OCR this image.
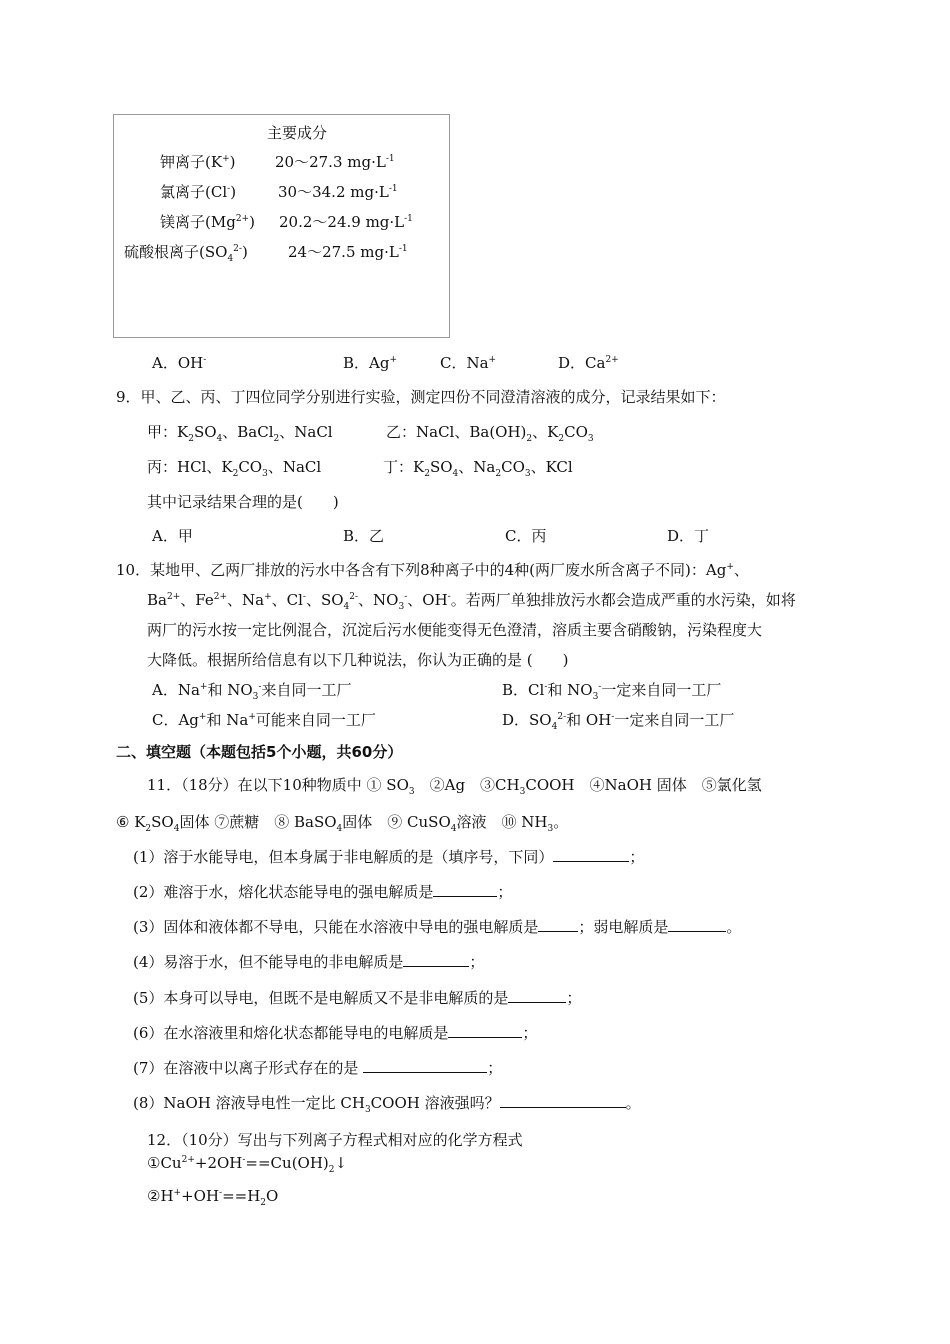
主要成分
钾离子(K+)	20～27.3 $mg\cdot L^{-1}$
氯离子(Cl-)	30～34.2 $mg\cdot L^{-1}$
镁离子$(Mg^{2+})$ 20.2～24.9 $mg\cdot L^{-1}$
硫酸根离子$(SO_4^{2-})$	24～27.5 $mg\cdot L^{-1}$
A．OH-	B．Ag+	C．Na+	D．$Ca^{2+}$
9．甲、乙、丙、丁四位同学分别进行实验，测定四份不同澄清溶液的成分，记录结果如下：
甲：$K_2SO_4$、BaCl$_2$、NaCl	乙：NaCl、$Ba(OH)_2$、$K_2CO_3$
丙：HCl、$K_2CO_3$、NaCl	丁：$K_2SO_4$、$Na_2CO_3$、KCl
其中记录结果合理的是(　　)
A．甲	B．乙	C．丙	D．丁
10．某地甲、乙两厂排放的污水中各含有下列8种离子中的4种(两厂废水所含离子不同)：Ag+、
$Ba^{2+}$、$Fe^{2+}$、Na+、Cl-、$SO_4^{2-}$、$NO_3^-$、OH-。若两厂单独排放污水都会造成严重的水污染，如将
两厂的污水按一定比例混合，沉淀后污水便能变得无色澄清，溶质主要含硝酸钠，污染程度大
大降低。根据所给信息有以下几种说法，你认为正确的是 (　　)
A．Na+和 $NO_3^-$来自同一工厂	B．Cl-和 $NO_3^-$一定来自同一工厂
C．Ag+和 Na+可能来自同一工厂	D．$SO_4^{2-}$和 OH-一定来自同一工厂
二、填空题（本题包括5个小题，共60分）
11．（18分）在以下10种物质中 ① $SO_3$　②Ag　$③CH_3COOH$　④NaOH 固体　⑤氯化氢
⑥ $K_2SO_4$固体 ⑦蔗糖　⑧ BaSO$_4$固体　⑨ CuSO$_4$溶液　⑩ $NH_3$。
(1）溶于水能导电，但本身属于非电解质的是（填序号，下同）	；
(2）难溶于水，熔化状态能导电的强电解质是	；
(3）固体和液体都不导电，只能在水溶液中导电的强电解质是	；弱电解质是	。
(4）易溶于水，但不能导电的非电解质是	；
(5）本身可以导电，但既不是电解质又不是非电解质的是	；
(6）在水溶液里和熔化状态都能导电的电解质是	；
(7）在溶液中以离子形式存在的是	；
(8）NaOH 溶液导电性一定比 $CH_3COOH$ 溶液强吗？	。
12．（10分）写出与下列离子方程式相对应的化学方程式
$①Cu^{2+}+2OH^-==Cu(OH)_2↓$
$②H^++OH^-==H_2O$
